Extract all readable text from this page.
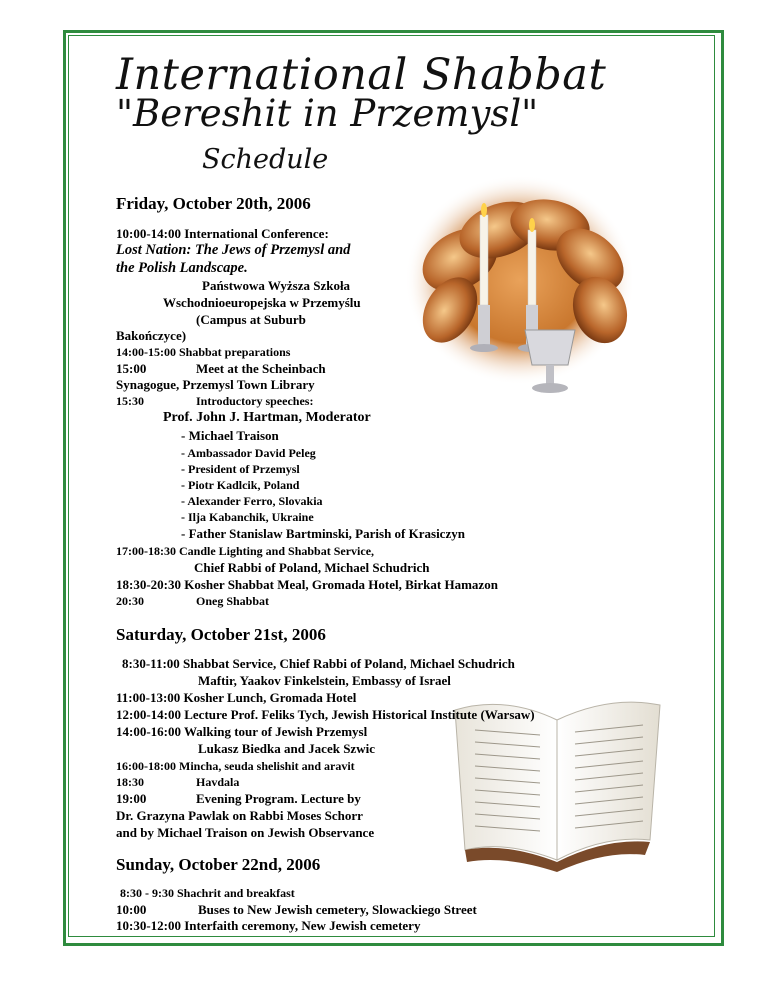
International Shabbat
"Bereshit in Przemysl"
Schedule
Friday, October 20th, 2006
10:00-14:00 International Conference:
Lost Nation: The Jews of Przemysl and
the Polish Landscape.
Państwowa Wyższa Szkoła
Wschodnioeuropejska w Przemyślu
(Campus at Suburb
Bakończyce)
14:00-15:00 Shabbat preparations
15:00	Meet at the Scheinbach
Synagogue, Przemysl Town Library
15:30	Introductory speeches:
Prof. John J. Hartman, Moderator
- Michael Traison
- Ambassador David Peleg
- President of Przemysl
- Piotr Kadlcik, Poland
- Alexander Ferro, Slovakia
- Ilja Kabanchik, Ukraine
- Father Stanislaw Bartminski, Parish of Krasiczyn
17:00-18:30 Candle Lighting and Shabbat Service,
Chief Rabbi of Poland, Michael Schudrich
18:30-20:30 Kosher Shabbat Meal, Gromada Hotel, Birkat Hamazon
20:30	Oneg Shabbat
Saturday, October 21st, 2006
8:30-11:00 Shabbat Service, Chief Rabbi of Poland, Michael Schudrich
Maftir, Yaakov Finkelstein, Embassy of Israel
11:00-13:00 Kosher Lunch, Gromada Hotel
12:00-14:00 Lecture Prof. Feliks Tych, Jewish Historical Institute (Warsaw)
14:00-16:00 Walking tour of Jewish Przemysl
Lukasz Biedka and Jacek Szwic
16:00-18:00 Mincha, seuda shelishit and aravit
18:30	Havdala
19:00	Evening Program. Lecture by
Dr. Grazyna Pawlak on Rabbi Moses Schorr
and by Michael Traison on Jewish Observance
Sunday, October 22nd, 2006
8:30 - 9:30 Shachrit and breakfast
10:00	Buses to New Jewish cemetery, Slowackiego Street
10:30-12:00 Interfaith ceremony, New Jewish cemetery
